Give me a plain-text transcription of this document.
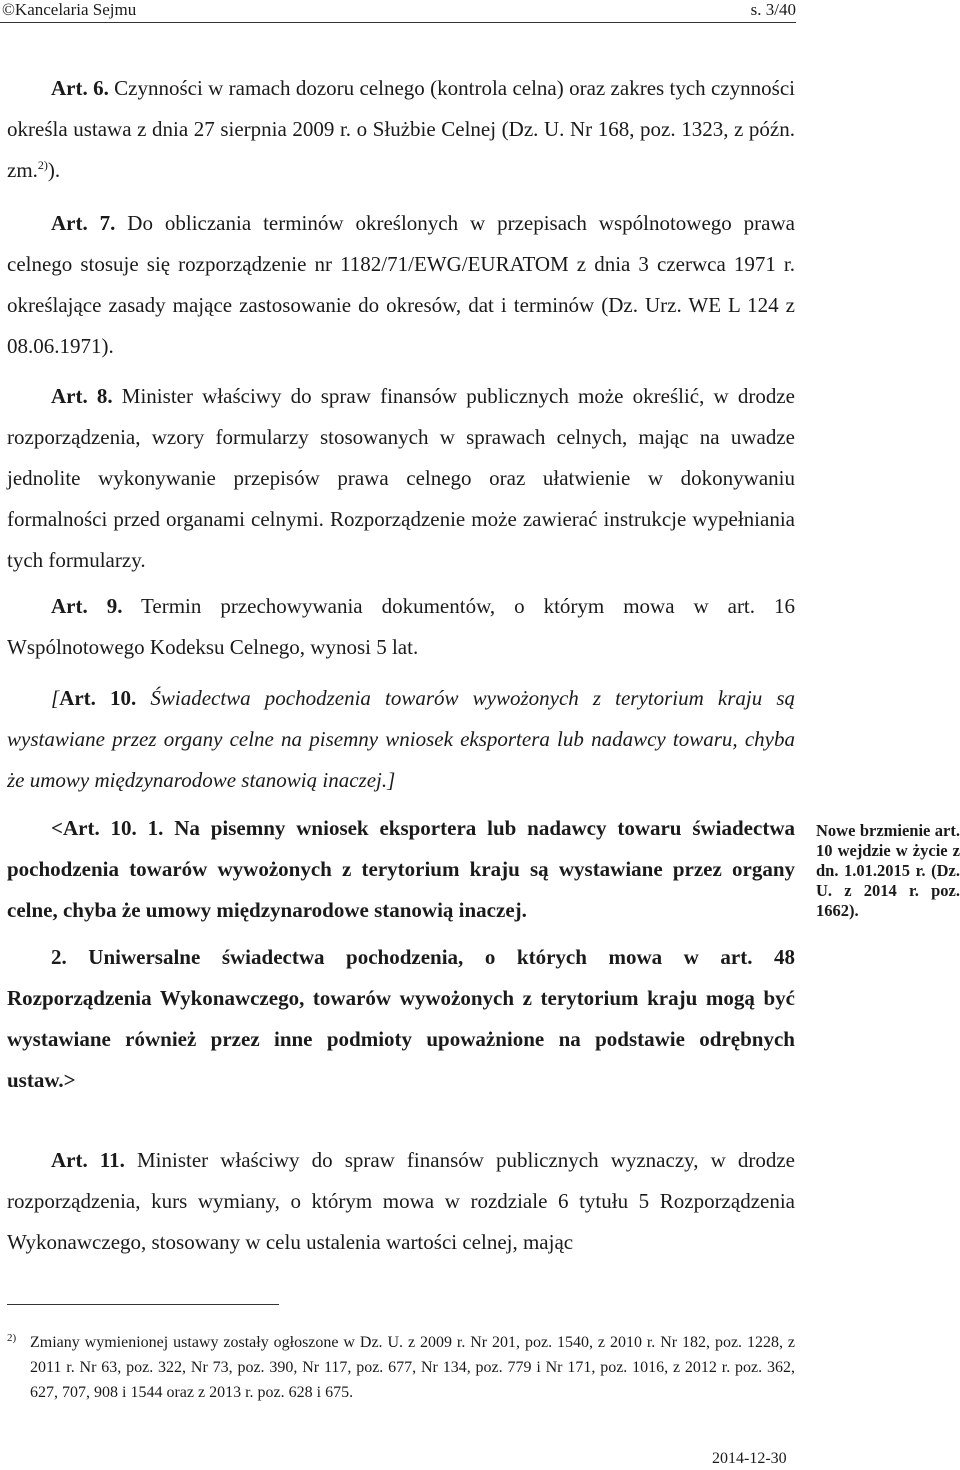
©Kancelaria Sejmu	s. 3/40

Art. 6. Czynności w ramach dozoru celnego (kontrola celna) oraz zakres tych czynności określa ustawa z dnia 27 sierpnia 2009 r. o Służbie Celnej (Dz. U. Nr 168, poz. 1323, z późn. zm.$^{2)}$).

Art. 7. Do obliczania terminów określonych w przepisach wspólnotowego prawa celnego stosuje się rozporządzenie nr 1182/71/EWG/EURATOM z dnia 3 czerwca 1971 r. określające zasady mające zastosowanie do okresów, dat i terminów (Dz. Urz. WE L 124 z 08.06.1971).

Art. 8. Minister właściwy do spraw finansów publicznych może określić, w drodze rozporządzenia, wzory formularzy stosowanych w sprawach celnych, mając na uwadze jednolite wykonywanie przepisów prawa celnego oraz ułatwienie w dokonywaniu formalności przed organami celnymi. Rozporządzenie może zawierać instrukcje wypełniania tych formularzy.

Art. 9. Termin przechowywania dokumentów, o którym mowa w art. 16 Wspólnotowego Kodeksu Celnego, wynosi 5 lat.

[Art. 10. Świadectwa pochodzenia towarów wywożonych z terytorium kraju są wystawiane przez organy celne na pisemny wniosek eksportera lub nadawcy towaru, chyba że umowy międzynarodowe stanowią inaczej.]

<Art. 10. 1. Na pisemny wniosek eksportera lub nadawcy towaru świadectwa pochodzenia towarów wywożonych z terytorium kraju są wystawiane przez organy celne, chyba że umowy międzynarodowe stanowią inaczej.

2. Uniwersalne świadectwa pochodzenia, o których mowa w art. 48 Rozporządzenia Wykonawczego, towarów wywożonych z terytorium kraju mogą być wystawiane również przez inne podmioty upoważnione na podstawie odrębnych ustaw.>

Nowe brzmienie art. 10 wejdzie w życie z dn. 1.01.2015 r. (Dz. U. z 2014 r. poz. 1662).

Art. 11. Minister właściwy do spraw finansów publicznych wyznaczy, w drodze rozporządzenia, kurs wymiany, o którym mowa w rozdziale 6 tytułu 5 Rozporządzenia Wykonawczego, stosowany w celu ustalenia wartości celnej, mając

2) Zmiany wymienionej ustawy zostały ogłoszone w Dz. U. z 2009 r. Nr 201, poz. 1540, z 2010 r. Nr 182, poz. 1228, z 2011 r. Nr 63, poz. 322, Nr 73, poz. 390, Nr 117, poz. 677, Nr 134, poz. 779 i Nr 171, poz. 1016, z 2012 r. poz. 362, 627, 707, 908 i 1544 oraz z 2013 r. poz. 628 i 675.
2014-12-30
